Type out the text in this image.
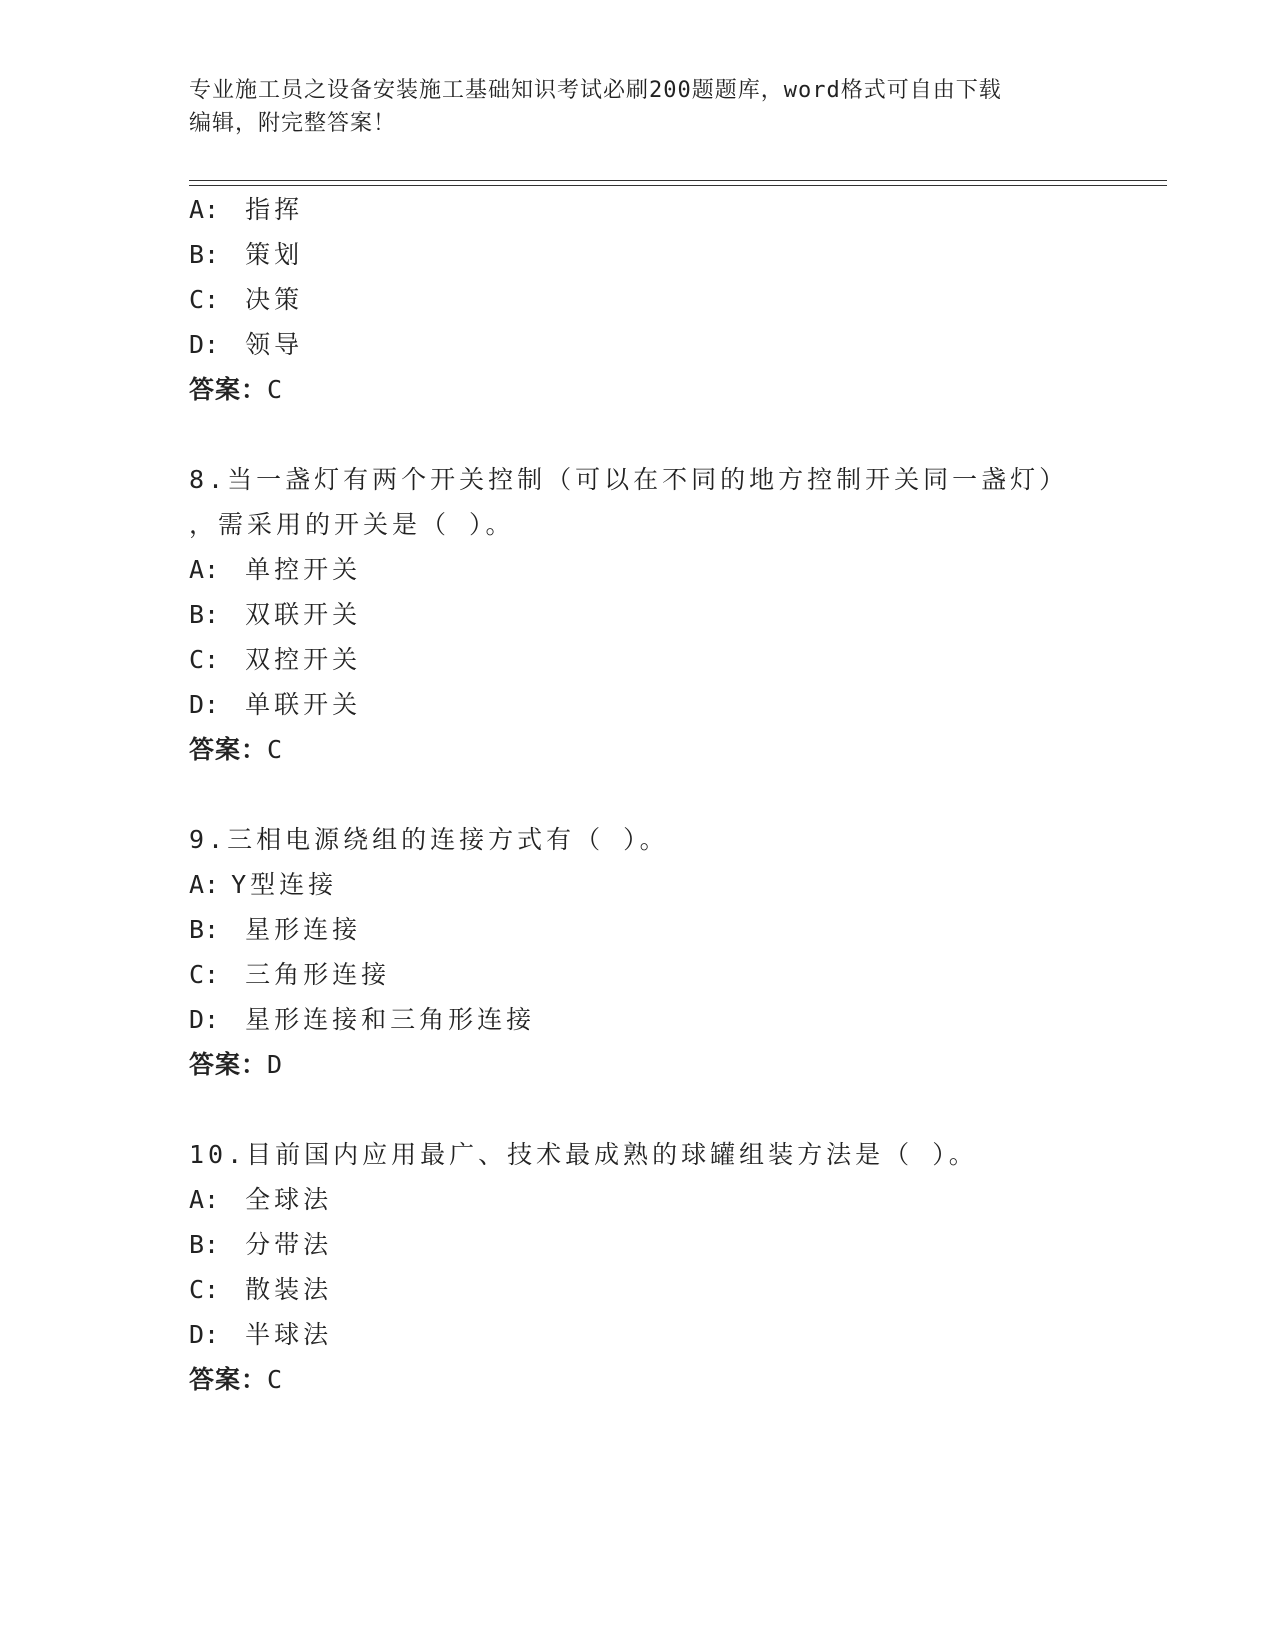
专业施工员之设备安装施工基础知识考试必刷200题题库，word格式可自由下载
编辑，附完整答案！
A: 指挥
B: 策划
C: 决策
D: 领导
答案：C
8.当一盏灯有两个开关控制（可以在不同的地方控制开关同一盏灯）
，需采用的开关是（ ）。
A: 单控开关
B: 双联开关
C: 双控开关
D: 单联开关
答案：C
9.三相电源绕组的连接方式有（ ）。
A: Y型连接
B: 星形连接
C: 三角形连接
D: 星形连接和三角形连接
答案：D
10.目前国内应用最广、技术最成熟的球罐组装方法是（ ）。
A: 全球法
B: 分带法
C: 散装法
D: 半球法
答案：C
